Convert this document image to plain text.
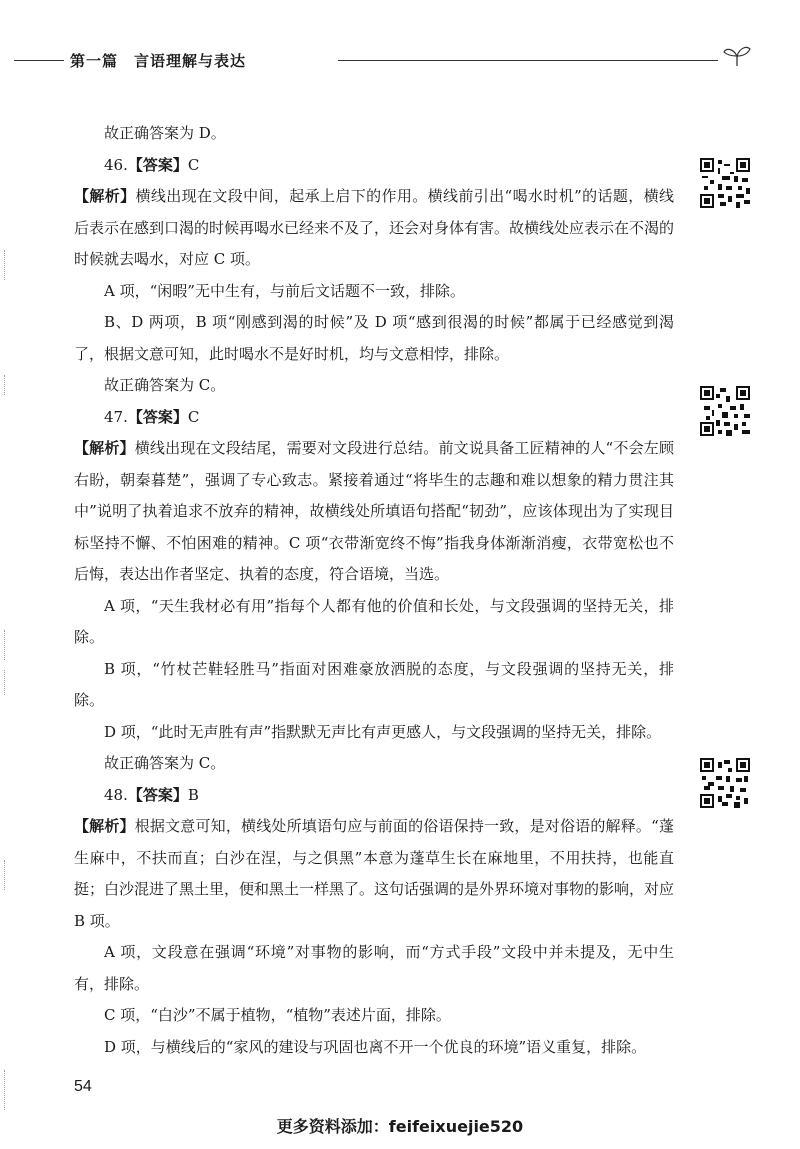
第一篇　言语理解与表达

故正确答案为 D。

46.【答案】C

【解析】横线出现在文段中间，起承上启下的作用。横线前引出“喝水时机”的话题，横线后表示在感到口渴的时候再喝水已经来不及了，还会对身体有害。故横线处应表示在不渴的时候就去喝水，对应 C 项。

A 项，“闲暇”无中生有，与前后文话题不一致，排除。

B、D 两项，B 项“刚感到渴的时候”及 D 项“感到很渴的时候”都属于已经感觉到渴了，根据文意可知，此时喝水不是好时机，均与文意相悖，排除。

故正确答案为 C。

47.【答案】C

【解析】横线出现在文段结尾，需要对文段进行总结。前文说具备工匠精神的人“不会左顾右盼，朝秦暮楚”，强调了专心致志。紧接着通过“将毕生的志趣和难以想象的精力贯注其中”说明了执着追求不放弃的精神，故横线处所填语句搭配“韧劲”，应该体现出为了实现目标坚持不懈、不怕困难的精神。C 项“衣带渐宽终不悔”指我身体渐渐消瘦，衣带宽松也不后悔，表达出作者坚定、执着的态度，符合语境，当选。

A 项，“天生我材必有用”指每个人都有他的价值和长处，与文段强调的坚持无关，排除。

B 项，“竹杖芒鞋轻胜马”指面对困难豪放洒脱的态度，与文段强调的坚持无关，排除。

D 项，“此时无声胜有声”指默默无声比有声更感人，与文段强调的坚持无关，排除。

故正确答案为 C。

48.【答案】B

【解析】根据文意可知，横线处所填语句应与前面的俗语保持一致，是对俗语的解释。“蓬生麻中，不扶而直；白沙在涅，与之俱黑”本意为蓬草生长在麻地里，不用扶持，也能直挺；白沙混进了黑土里，便和黑土一样黑了。这句话强调的是外界环境对事物的影响，对应 B 项。

A 项，文段意在强调“环境”对事物的影响，而“方式手段”文段中并未提及，无中生有，排除。

C 项，“白沙”不属于植物，“植物”表述片面，排除。

D 项，与横线后的“家风的建设与巩固也离不开一个优良的环境”语义重复，排除。

54
更多资料添加：feifeixuejie520
